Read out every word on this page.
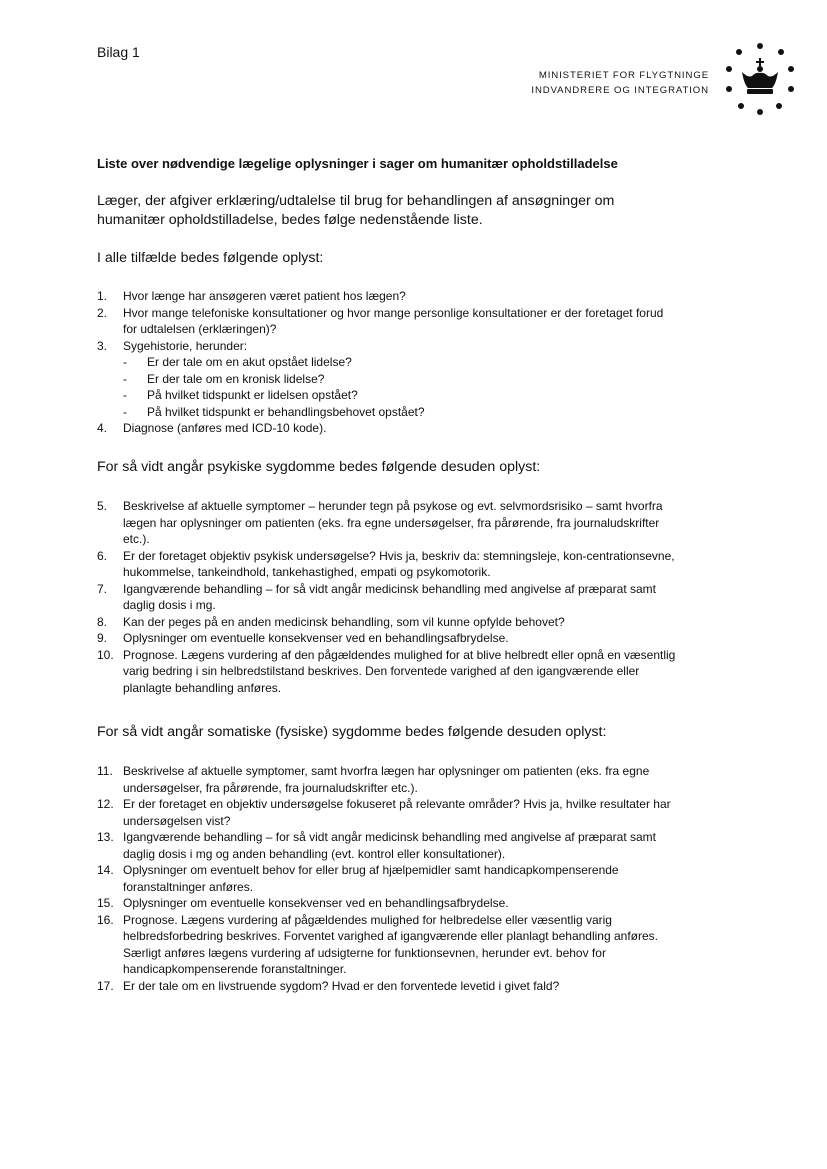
Bilag 1
MINISTERIET FOR FLYGTNINGE
INDVANDRERE OG INTEGRATION
Liste over nødvendige lægelige oplysninger i sager om humanitær opholdstilladelse
Læger, der afgiver erklæring/udtalelse til brug for behandlingen af ansøgninger om
humanitær opholdstilladelse, bedes følge nedenstående liste.
I alle tilfælde bedes følgende oplyst:
1.	Hvor længe har ansøgeren været patient hos lægen?
2.	Hvor mange telefoniske konsultationer og hvor mange personlige konsultationer er der foretaget forud for udtalelsen (erklæringen)?
3.	Sygehistorie, herunder:
-	Er der tale om en akut opstået lidelse?
-	Er der tale om en kronisk lidelse?
-	På hvilket tidspunkt er lidelsen opstået?
-	På hvilket tidspunkt er behandlingsbehovet opstået?
4.	Diagnose (anføres med ICD-10 kode).
For så vidt angår psykiske sygdomme bedes følgende desuden oplyst:
5.	Beskrivelse af aktuelle symptomer – herunder tegn på psykose og evt. selvmordsrisiko – samt hvorfra lægen har oplysninger om patienten (eks. fra egne undersøgelser, fra pårørende, fra journaludskrifter etc.).
6.	Er der foretaget objektiv psykisk undersøgelse? Hvis ja, beskriv da: stemningsleje, kon-centrationsevne, hukommelse, tankeindhold, tankehastighed, empati og psykomotorik.
7.	Igangværende behandling – for så vidt angår medicinsk behandling med angivelse af præparat samt daglig dosis i mg.
8.	Kan der peges på en anden medicinsk behandling, som vil kunne opfylde behovet?
9.	Oplysninger om eventuelle konsekvenser ved en behandlingsafbrydelse.
10. Prognose. Lægens vurdering af den pågældendes mulighed for at blive helbredt eller opnå en væsentlig varig bedring i sin helbredstilstand beskrives. Den forventede varighed af den igangværende eller planlagte behandling anføres.
For så vidt angår somatiske (fysiske) sygdomme bedes følgende desuden oplyst:
11. Beskrivelse af aktuelle symptomer, samt hvorfra lægen har oplysninger om patienten (eks. fra egne undersøgelser, fra pårørende, fra journaludskrifter etc.).
12. Er der foretaget en objektiv undersøgelse fokuseret på relevante områder? Hvis ja, hvilke resultater har undersøgelsen vist?
13. Igangværende behandling – for så vidt angår medicinsk behandling med angivelse af præparat samt daglig dosis i mg og anden behandling (evt. kontrol eller konsultationer).
14. Oplysninger om eventuelt behov for eller brug af hjælpemidler samt handicapkompenserende foranstaltninger anføres.
15. Oplysninger om eventuelle konsekvenser ved en behandlingsafbrydelse.
16. Prognose. Lægens vurdering af pågældendes mulighed for helbredelse eller væsentlig varig helbredsforbedring beskrives. Forventet varighed af igangværende eller planlagt behandling anføres. Særligt anføres lægens vurdering af udsigterne for funktionsevnen, herunder evt. behov for handicapkompenserende foranstaltninger.
17. Er der tale om en livstruende sygdom? Hvad er den forventede levetid i givet fald?
